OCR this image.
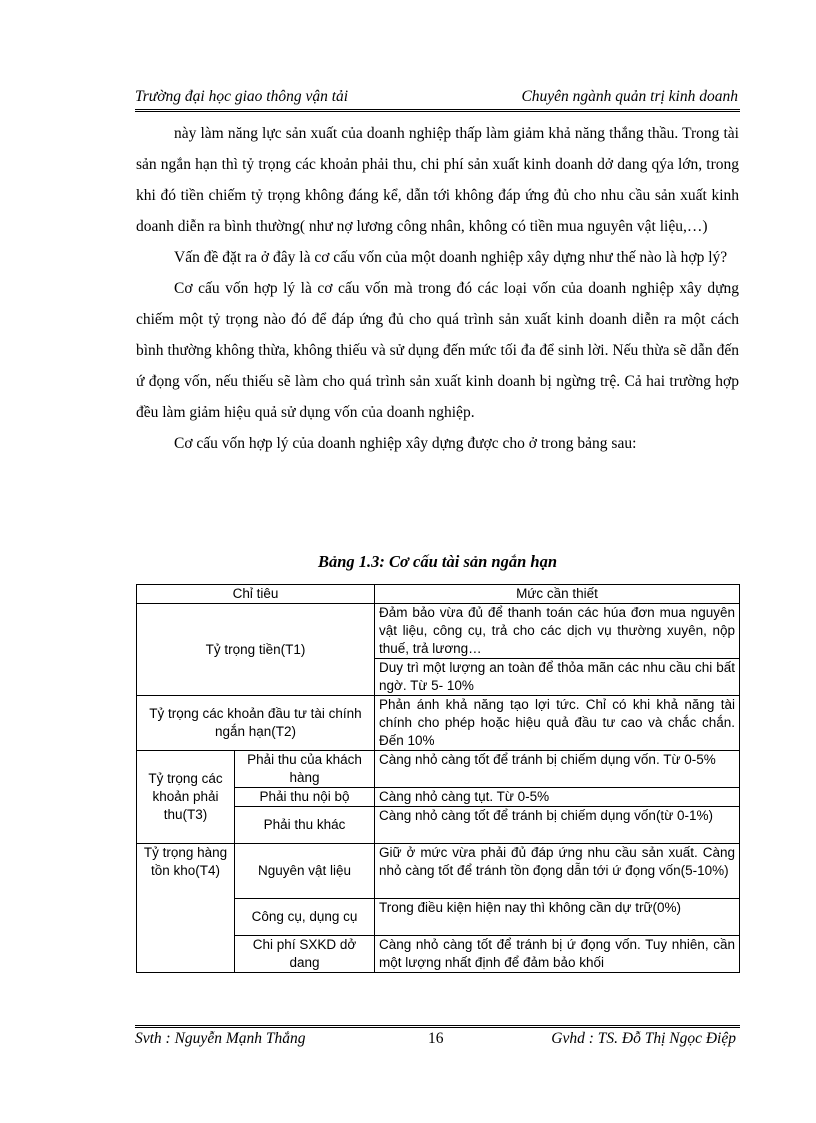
Trường đại học giao thông vận tải	Chuyên ngành quản trị kinh doanh

này làm năng lực sản xuất của doanh nghiệp thấp làm giảm khả năng thắng thầu. Trong tài sản ngắn hạn thì tỷ trọng các khoản phải thu, chi phí sản xuất kinh doanh dở dang qýa lớn, trong khi đó tiền chiếm tỷ trọng không đáng kể, dẫn tới không đáp ứng đủ cho nhu cầu sản xuất kinh doanh diễn ra bình thường( như nợ lương công nhân, không có tiền mua nguyên vật liệu,…)

Vấn đề đặt ra ở đây là cơ cấu vốn của một doanh nghiệp xây dựng như thế nào là hợp lý?

Cơ cấu vốn hợp lý là cơ cấu vốn mà trong đó các loại vốn của doanh nghiệp xây dựng chiếm một tỷ trọng nào đó để đáp ứng đủ cho quá trình sản xuất kinh doanh diễn ra một cách bình thường không thừa, không thiếu và sử dụng đến mức tối đa để sinh lời. Nếu thừa sẽ dẫn đến ứ đọng vốn, nếu thiếu sẽ làm cho quá trình sản xuất kinh doanh bị ngừng trệ. Cả hai trường hợp đều làm giảm hiệu quả sử dụng vốn của doanh nghiệp.

Cơ cấu vốn hợp lý của doanh nghiệp xây dựng được cho ở trong bảng sau:

Bảng 1.3: Cơ cấu tài sản ngắn hạn
Chỉ tiêu		Mức cần thiết
Tỷ trọng tiền(T1)		Đảm bảo vừa đủ để thanh toán các húa đơn mua nguyên vật liệu, công cụ, trả cho các dịch vụ thường xuyên, nộp thuế, trả lương…
		Duy trì một lượng an toàn để thỏa mãn các nhu cầu chi bất ngờ. Từ 5- 10%
Tỷ trọng các khoản đầu tư tài chính ngắn hạn(T2)		Phản ánh khả năng tạo lợi tức. Chỉ có khi khả năng tài chính cho phép hoặc hiệu quả đầu tư cao và chắc chắn. Đến 10%
Tỷ trọng các khoản phải thu(T3)	Phải thu của khách hàng	Càng nhỏ càng tốt để tránh bị chiếm dụng vốn. Từ 0-5%
	Phải thu nội bộ	Càng nhỏ càng tụt. Từ 0-5%
	Phải thu khác	Càng nhỏ càng tốt để tránh bị chiếm dụng vốn(từ 0-1%)
Tỷ trọng hàng tồn kho(T4)	Nguyên vật liệu	Giữ ở mức vừa phải đủ đáp ứng nhu cầu sản xuất. Càng nhỏ càng tốt để tránh tồn đọng dẫn tới ứ đọng vốn(5-10%)
	Công cụ, dụng cụ	Trong điều kiện hiện nay thì không cần dự trữ(0%)
	Chi phí SXKD dở dang	Càng nhỏ càng tốt để tránh bị ứ đọng vốn. Tuy nhiên, cần một lượng nhất định để đảm bảo khối
Svth : Nguyễn Mạnh Thắng	16	Gvhd : TS. Đỗ Thị Ngọc Điệp
